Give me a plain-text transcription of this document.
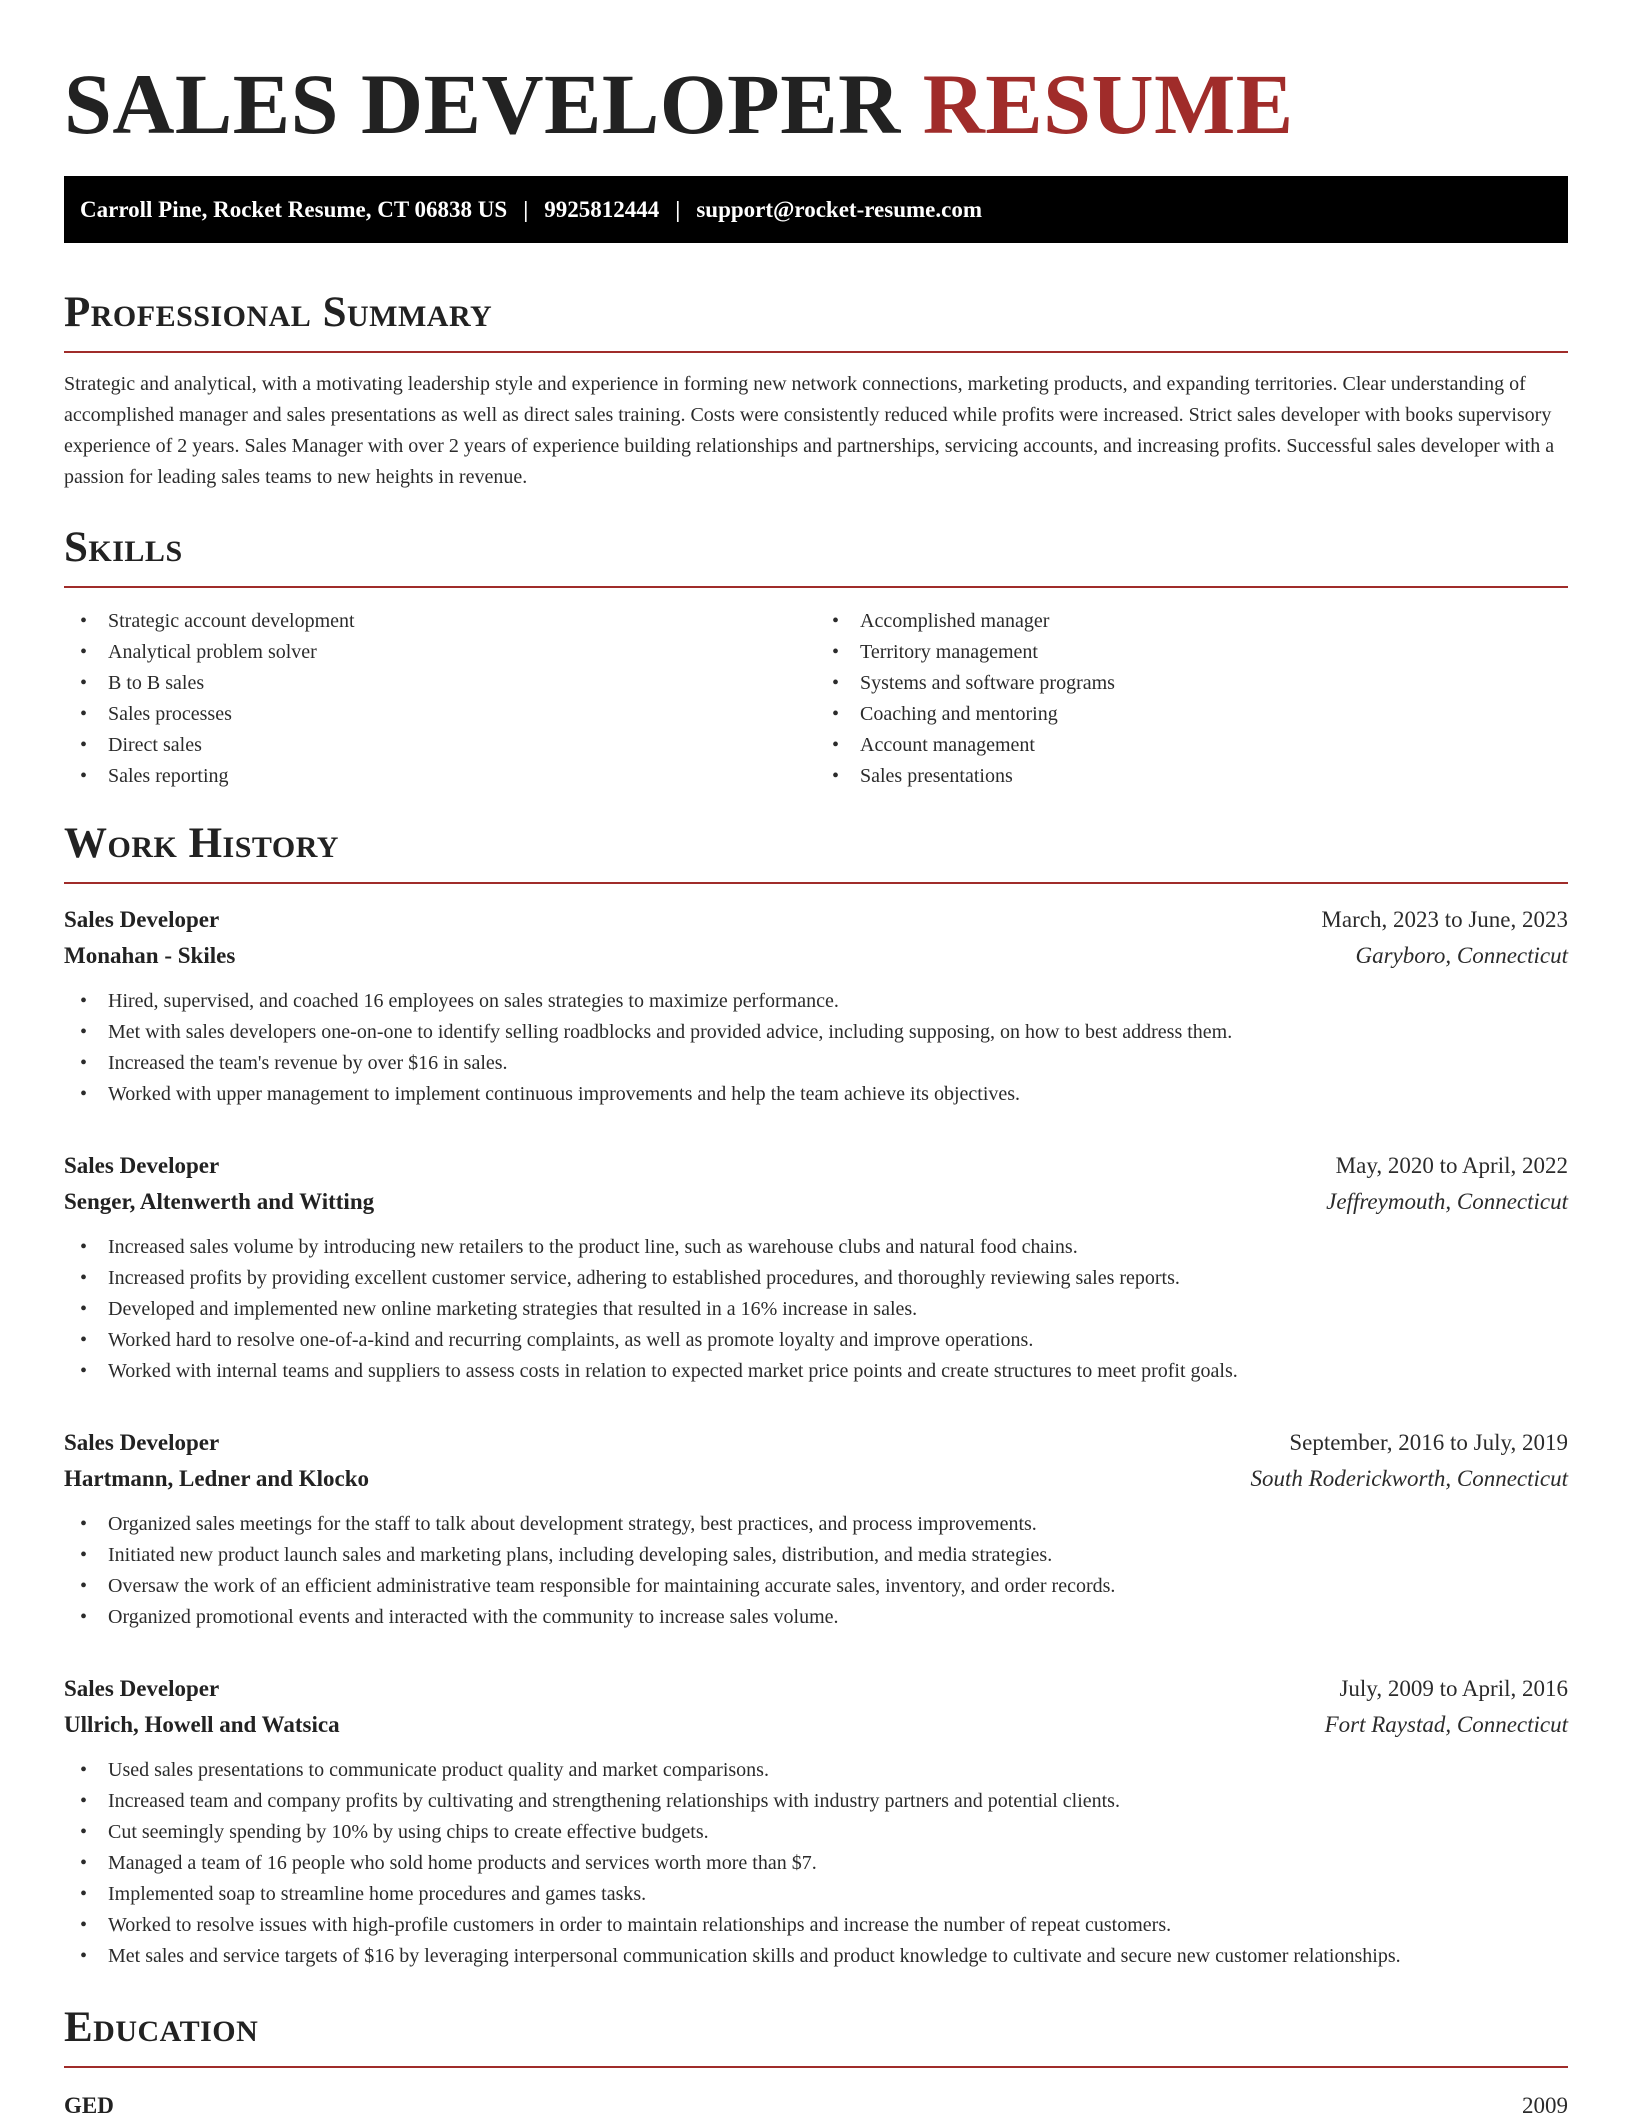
SALES DEVELOPER RESUME
Carroll Pine, Rocket Resume, CT 06838 US | 9925812444 | support@rocket-resume.com
Professional Summary

Strategic and analytical, with a motivating leadership style and experience in forming new network connections, marketing products, and expanding territories. Clear understanding of accomplished manager and sales presentations as well as direct sales training. Costs were consistently reduced while profits were increased. Strict sales developer with books supervisory experience of 2 years. Sales Manager with over 2 years of experience building relationships and partnerships, servicing accounts, and increasing profits. Successful sales developer with a passion for leading sales teams to new heights in revenue.

Skills
• Strategic account development
• Analytical problem solver
• B to B sales
• Sales processes
• Direct sales
• Sales reporting
• Accomplished manager
• Territory management
• Systems and software programs
• Coaching and mentoring
• Account management
• Sales presentations
Work History
Sales Developer	March, 2023 to June, 2023
Monahan - Skiles	Garyboro, Connecticut
• Hired, supervised, and coached 16 employees on sales strategies to maximize performance.
• Met with sales developers one-on-one to identify selling roadblocks and provided advice, including supposing, on how to best address them.
• Increased the team's revenue by over $16 in sales.
• Worked with upper management to implement continuous improvements and help the team achieve its objectives.
Sales Developer	May, 2020 to April, 2022
Senger, Altenwerth and Witting	Jeffreymouth, Connecticut
• Increased sales volume by introducing new retailers to the product line, such as warehouse clubs and natural food chains.
• Increased profits by providing excellent customer service, adhering to established procedures, and thoroughly reviewing sales reports.
• Developed and implemented new online marketing strategies that resulted in a 16% increase in sales.
• Worked hard to resolve one-of-a-kind and recurring complaints, as well as promote loyalty and improve operations.
• Worked with internal teams and suppliers to assess costs in relation to expected market price points and create structures to meet profit goals.
Sales Developer	September, 2016 to July, 2019
Hartmann, Ledner and Klocko	South Roderickworth, Connecticut
• Organized sales meetings for the staff to talk about development strategy, best practices, and process improvements.
• Initiated new product launch sales and marketing plans, including developing sales, distribution, and media strategies.
• Oversaw the work of an efficient administrative team responsible for maintaining accurate sales, inventory, and order records.
• Organized promotional events and interacted with the community to increase sales volume.
Sales Developer	July, 2009 to April, 2016
Ullrich, Howell and Watsica	Fort Raystad, Connecticut
• Used sales presentations to communicate product quality and market comparisons.
• Increased team and company profits by cultivating and strengthening relationships with industry partners and potential clients.
• Cut seemingly spending by 10% by using chips to create effective budgets.
• Managed a team of 16 people who sold home products and services worth more than $7.
• Implemented soap to streamline home procedures and games tasks.
• Worked to resolve issues with high-profile customers in order to maintain relationships and increase the number of repeat customers.
• Met sales and service targets of $16 by leveraging interpersonal communication skills and product knowledge to cultivate and secure new customer relationships.
Education
GED	2009
